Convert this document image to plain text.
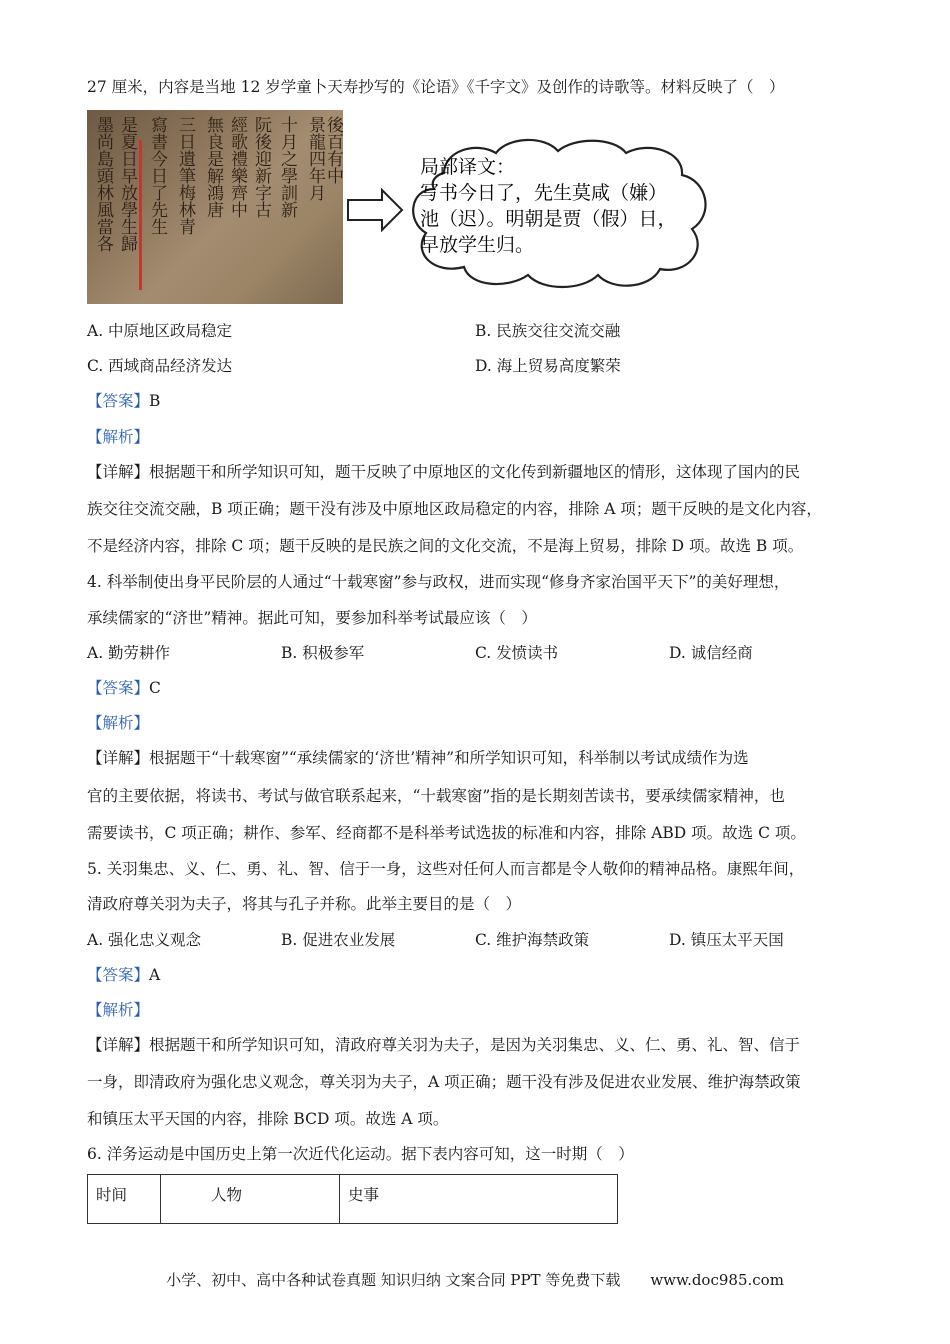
27 厘米，内容是当地 12 岁学童卜天寿抄写的《论语》《千字文》及创作的诗歌等。材料反映了（　）
墨尚島頭林風當各 是夏日早放學生歸 寫書今日了先生 三日遺筆梅林青 無良是解鴻唐 經歌禮樂齊中 阮後迎新字古 十月之學訓新 景龍四年月
後百有中	局部译文：
写书今日了，先生莫咸（嫌）
池（迟）。明朝是贾（假）日，
早放学生归。
A. 中原地区政局稳定	B. 民族交往交流交融
C. 西域商品经济发达	D. 海上贸易高度繁荣
【答案】B
【解析】
【详解】根据题干和所学知识可知，题干反映了中原地区的文化传到新疆地区的情形，这体现了国内的民
族交往交流交融，B 项正确；题干没有涉及中原地区政局稳定的内容，排除 A 项；题干反映的是文化内容，
不是经济内容，排除 C 项；题干反映的是民族之间的文化交流，不是海上贸易，排除 D 项。故选 B 项。
4. 科举制使出身平民阶层的人通过“十载寒窗”参与政权，进而实现“修身齐家治国平天下”的美好理想，
承续儒家的“济世”精神。据此可知，要参加科举考试最应该（　）
A. 勤劳耕作	B. 积极参军	C. 发愤读书	D. 诚信经商
【答案】C
【解析】
【详解】根据题干“十载寒窗”“承续儒家的‘济世’精神”和所学知识可知，科举制以考试成绩作为选
官的主要依据，将读书、考试与做官联系起来，“十载寒窗”指的是长期刻苦读书，要承续儒家精神，也
需要读书，C 项正确；耕作、参军、经商都不是科举考试选拔的标准和内容，排除 ABD 项。故选 C 项。
5. 关羽集忠、义、仁、勇、礼、智、信于一身，这些对任何人而言都是令人敬仰的精神品格。康熙年间，
清政府尊关羽为夫子，将其与孔子并称。此举主要目的是（　）
A. 强化忠义观念	B. 促进农业发展	C. 维护海禁政策	D. 镇压太平天国
【答案】A
【解析】
【详解】根据题干和所学知识可知，清政府尊关羽为夫子，是因为关羽集忠、义、仁、勇、礼、智、信于
一身，即清政府为强化忠义观念，尊关羽为夫子，A 项正确；题干没有涉及促进农业发展、维护海禁政策
和镇压太平天国的内容，排除 BCD 项。故选 A 项。
6. 洋务运动是中国历史上第一次近代化运动。据下表内容可知，这一时期（　）
时间	人物	史事
小学、初中、高中各种试卷真题 知识归纳 文案合同 PPT 等免费下载　　www.doc985.com
